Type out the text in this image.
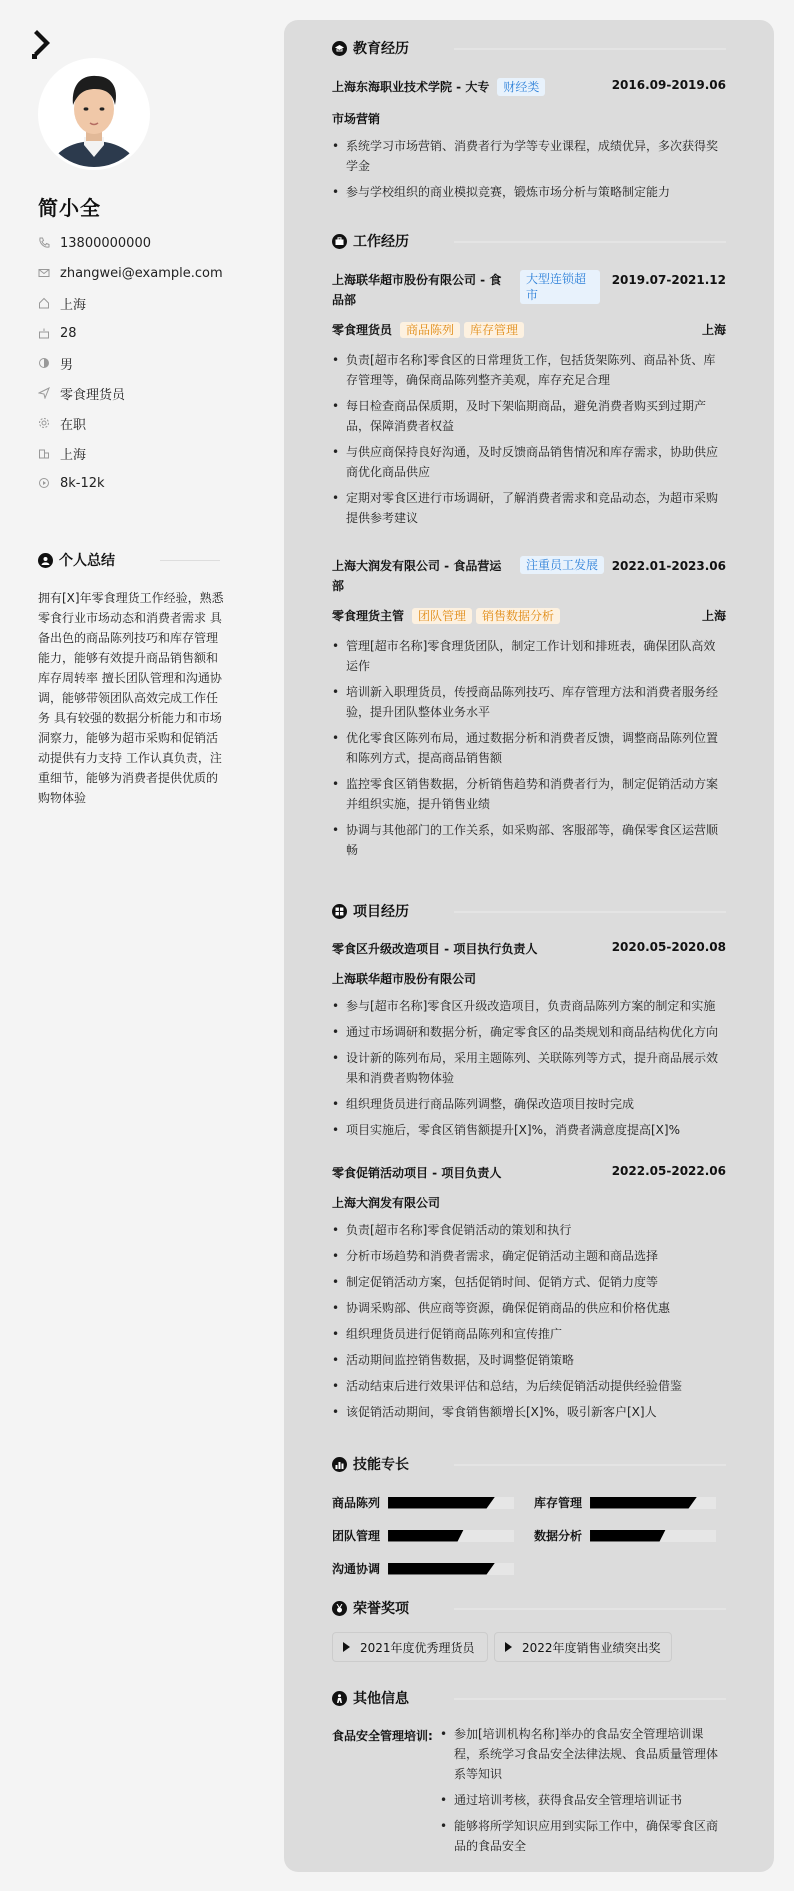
简小全
13800000000
zhangwei@example.com
上海
28
男
零食理货员
在职
上海
8k-12k
个人总结
拥有[X]年零食理货工作经验，熟悉零食行业市场动态和消费者需求 具备出色的商品陈列技巧和库存管理能力，能够有效提升商品销售额和库存周转率 擅长团队管理和沟通协调，能够带领团队高效完成工作任务 具有较强的数据分析能力和市场洞察力，能够为超市采购和促销活动提供有力支持 工作认真负责，注重细节，能够为消费者提供优质的购物体验
教育经历
上海东海职业技术学院 - 大专	财经类	2016.09-2019.06
市场营销
• 系统学习市场营销、消费者行为学等专业课程，成绩优异，多次获得奖学金
• 参与学校组织的商业模拟竞赛，锻炼市场分析与策略制定能力
工作经历
上海联华超市股份有限公司 - 食品部
大型连锁超市
2019.07-2021.12
零食理货员 商品陈列 库存管理	上海
• 负责[超市名称]零食区的日常理货工作，包括货架陈列、商品补货、库存管理等，确保商品陈列整齐美观，库存充足合理
• 每日检查商品保质期，及时下架临期商品，避免消费者购买到过期产品，保障消费者权益
• 与供应商保持良好沟通，及时反馈商品销售情况和库存需求，协助供应商优化商品供应
• 定期对零食区进行市场调研，了解消费者需求和竞品动态，为超市采购提供参考建议
上海大润发有限公司 - 食品营运部
注重员工发展	2022.01-2023.06
零食理货主管 团队管理 销售数据分析	上海
• 管理[超市名称]零食理货团队，制定工作计划和排班表，确保团队高效运作
• 培训新入职理货员，传授商品陈列技巧、库存管理方法和消费者服务经验，提升团队整体业务水平
• 优化零食区陈列布局，通过数据分析和消费者反馈，调整商品陈列位置和陈列方式，提高商品销售额
• 监控零食区销售数据，分析销售趋势和消费者行为，制定促销活动方案并组织实施，提升销售业绩
• 协调与其他部门的工作关系，如采购部、客服部等，确保零食区运营顺畅
项目经历
零食区升级改造项目 - 项目执行负责人	2020.05-2020.08
上海联华超市股份有限公司
• 参与[超市名称]零食区升级改造项目，负责商品陈列方案的制定和实施
• 通过市场调研和数据分析，确定零食区的品类规划和商品结构优化方向
• 设计新的陈列布局，采用主题陈列、关联陈列等方式，提升商品展示效果和消费者购物体验
• 组织理货员进行商品陈列调整，确保改造项目按时完成
• 项目实施后，零食区销售额提升[X]%，消费者满意度提高[X]%
零食促销活动项目 - 项目负责人	2022.05-2022.06
上海大润发有限公司
• 负责[超市名称]零食促销活动的策划和执行
• 分析市场趋势和消费者需求，确定促销活动主题和商品选择
• 制定促销活动方案，包括促销时间、促销方式、促销力度等
• 协调采购部、供应商等资源，确保促销商品的供应和价格优惠
• 组织理货员进行促销商品陈列和宣传推广
• 活动期间监控销售数据，及时调整促销策略
• 活动结束后进行效果评估和总结，为后续促销活动提供经验借鉴
• 该促销活动期间，零食销售额增长[X]%，吸引新客户[X]人
技能专长
商品陈列	库存管理
团队管理	数据分析
沟通协调
荣誉奖项
2021年度优秀理货员	2022年度销售业绩突出奖
其他信息
食品安全管理培训:
•	参加[培训机构名称]举办的食品安全管理培训课程，系统学习食品安全法律法规、食品质量管理体系等知识
• 通过培训考核，获得食品安全管理培训证书
• 能够将所学知识应用到实际工作中，确保零食区商品的食品安全
